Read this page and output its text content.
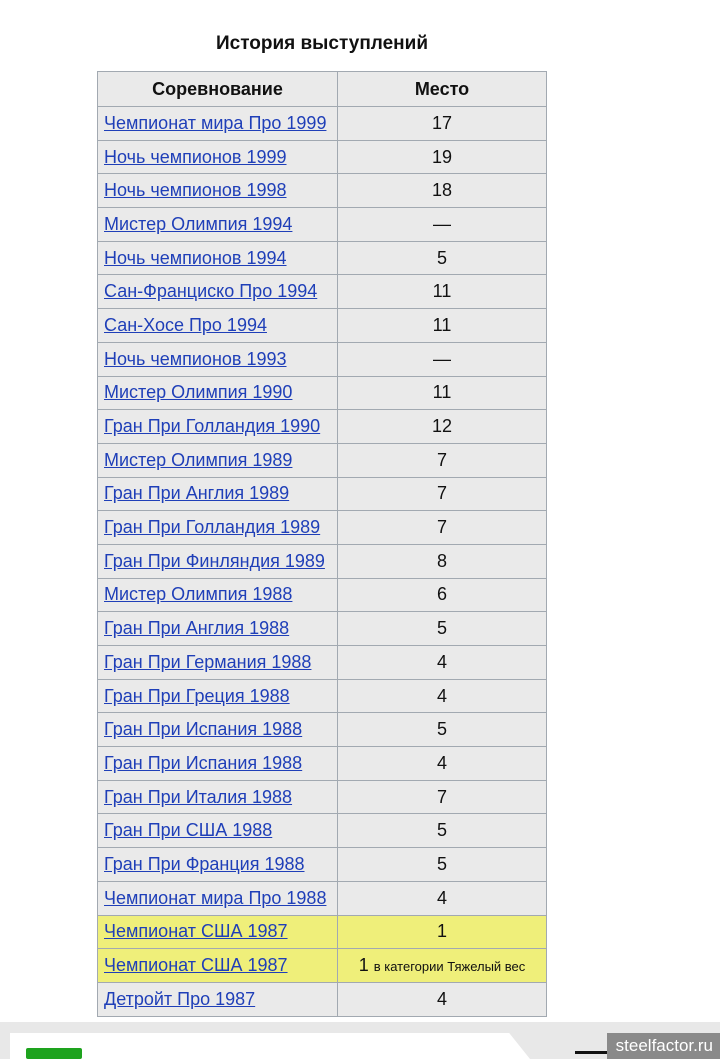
История выступлений
Соревнование	Место
Чемпионат мира Про 1999	17
Ночь чемпионов 1999	19
Ночь чемпионов 1998	18
Мистер Олимпия 1994	—
Ночь чемпионов 1994	5
Сан-Франциско Про 1994	11
Сан-Хосе Про 1994	11
Ночь чемпионов 1993	—
Мистер Олимпия 1990	11
Гран При Голландия 1990	12
Мистер Олимпия 1989	7
Гран При Англия 1989	7
Гран При Голландия 1989	7
Гран При Финляндия 1989	8
Мистер Олимпия 1988	6
Гран При Англия 1988	5
Гран При Германия 1988	4
Гран При Греция 1988	4
Гран При Испания 1988	5
Гран При Испания 1988	4
Гран При Италия 1988	7
Гран При США 1988	5
Гран При Франция 1988	5
Чемпионат мира Про 1988	4
Чемпионат США 1987	1
Чемпионат США 1987	1 в категории Тяжелый вес
Детройт Про 1987	4
steelfactor.ru
